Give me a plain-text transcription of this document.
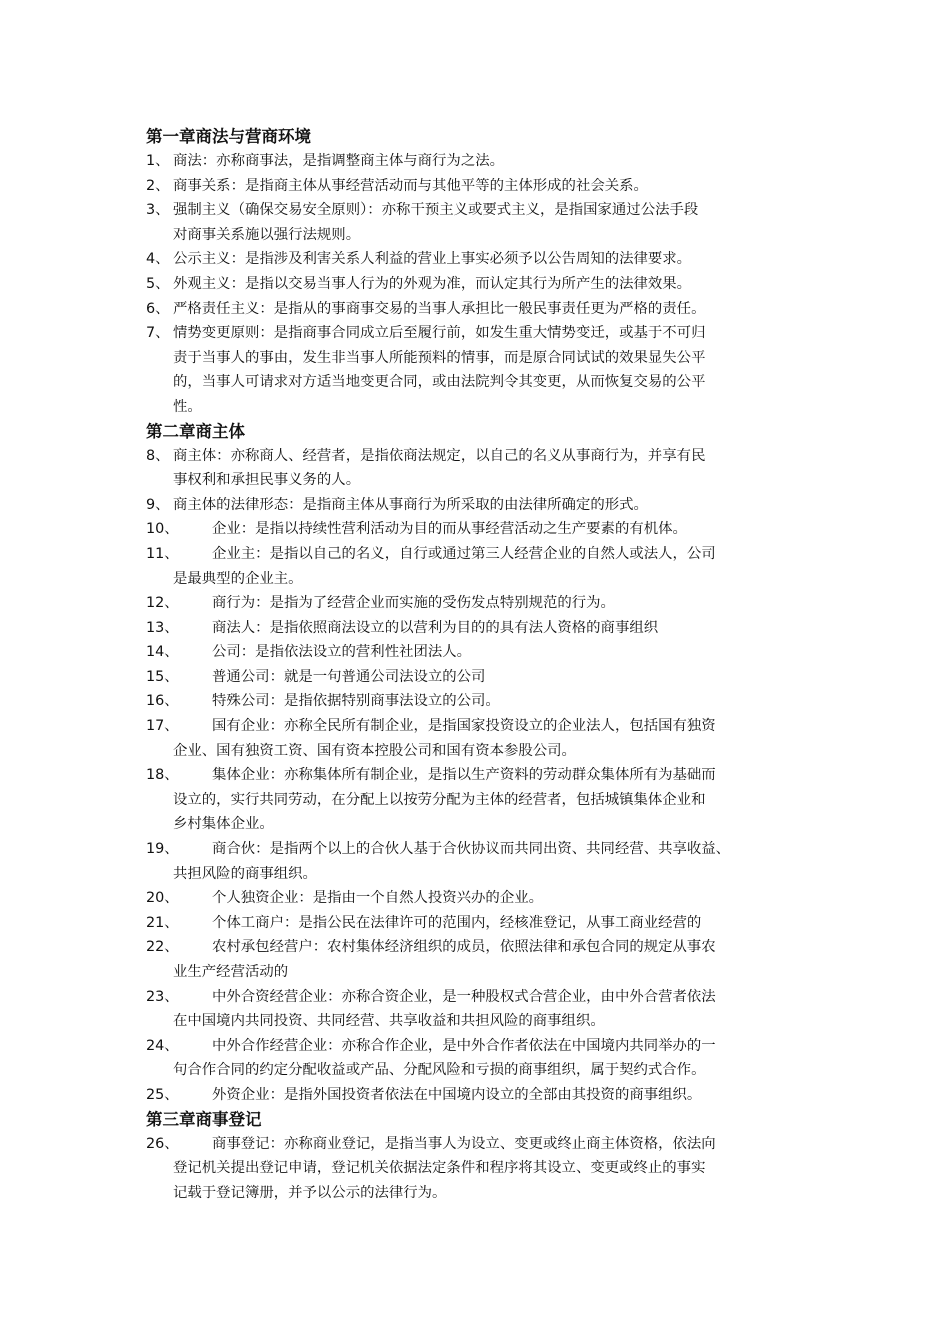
第一章商法与营商环境
1、 商法：亦称商事法，是指调整商主体与商行为之法。
2、 商事关系：是指商主体从事经营活动而与其他平等的主体形成的社会关系。
3、 强制主义（确保交易安全原则）：亦称干预主义或要式主义，是指国家通过公法手段
对商事关系施以强行法规则。
4、 公示主义：是指涉及利害关系人利益的营业上事实必须予以公告周知的法律要求。
5、 外观主义：是指以交易当事人行为的外观为准，而认定其行为所产生的法律效果。
6、 严格责任主义：是指从的事商事交易的当事人承担比一般民事责任更为严格的责任。
7、 情势变更原则：是指商事合同成立后至履行前，如发生重大情势变迁，或基于不可归
责于当事人的事由，发生非当事人所能预料的情事，而是原合同试试的效果显失公平
的，当事人可请求对方适当地变更合同，或由法院判令其变更，从而恢复交易的公平
性。
第二章商主体
8、 商主体：亦称商人、经营者，是指依商法规定，以自己的名义从事商行为，并享有民
事权利和承担民事义务的人。
9、 商主体的法律形态：是指商主体从事商行为所采取的由法律所确定的形式。
10、 企业：是指以持续性营利活动为目的而从事经营活动之生产要素的有机体。
11、 企业主：是指以自己的名义，自行或通过第三人经营企业的自然人或法人，公司
是最典型的企业主。
12、 商行为：是指为了经营企业而实施的受伤发点特别规范的行为。
13、 商法人：是指依照商法设立的以营利为目的的具有法人资格的商事组织
14、 公司：是指依法设立的营利性社团法人。
15、 普通公司：就是一句普通公司法设立的公司
16、 特殊公司：是指依据特别商事法设立的公司。
17、 国有企业：亦称全民所有制企业，是指国家投资设立的企业法人，包括国有独资
企业、国有独资工资、国有资本控股公司和国有资本参股公司。
18、 集体企业：亦称集体所有制企业，是指以生产资料的劳动群众集体所有为基础而
设立的，实行共同劳动，在分配上以按劳分配为主体的经营者，包括城镇集体企业和
乡村集体企业。
19、 商合伙：是指两个以上的合伙人基于合伙协议而共同出资、共同经营、共享收益、
共担风险的商事组织。
20、 个人独资企业：是指由一个自然人投资兴办的企业。
21、 个体工商户：是指公民在法律许可的范围内，经核准登记，从事工商业经营的
22、 农村承包经营户：农村集体经济组织的成员，依照法律和承包合同的规定从事农
业生产经营活动的
23、 中外合资经营企业：亦称合资企业，是一种股权式合营企业，由中外合营者依法
在中国境内共同投资、共同经营、共享收益和共担风险的商事组织。
24、 中外合作经营企业：亦称合作企业，是中外合作者依法在中国境内共同举办的一
句合作合同的约定分配收益或产品、分配风险和亏损的商事组织，属于契约式合作。
25、 外资企业：是指外国投资者依法在中国境内设立的全部由其投资的商事组织。
第三章商事登记
26、 商事登记：亦称商业登记，是指当事人为设立、变更或终止商主体资格，依法向
登记机关提出登记申请，登记机关依据法定条件和程序将其设立、变更或终止的事实
记载于登记簿册，并予以公示的法律行为。
